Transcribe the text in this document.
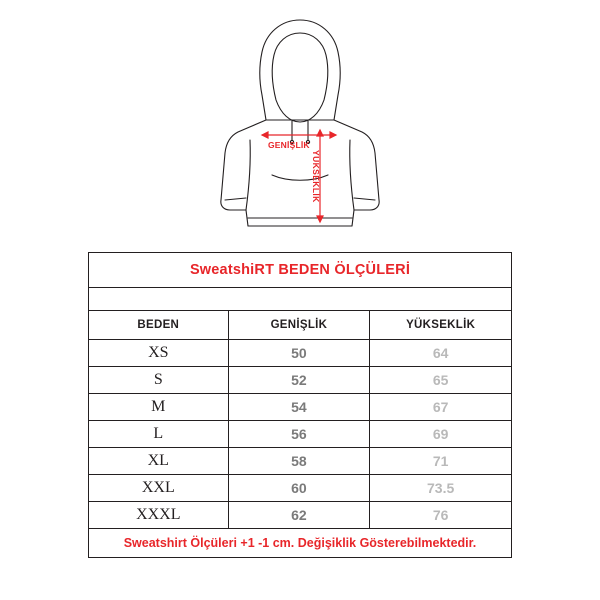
GENİŞLİK
YÜKSEKLİK
SweatshiRT BEDEN ÖLÇÜLERİ		

BEDEN	GENİŞLİK	YÜKSEKLİK
XS	50	64
S	52	65
M	54	67
L	56	69
XL	58	71
XXL	60	73.5
XXXL	62	76
Sweatshirt Ölçüleri +1 -1 cm. Değişiklik Gösterebilmektedir.		
